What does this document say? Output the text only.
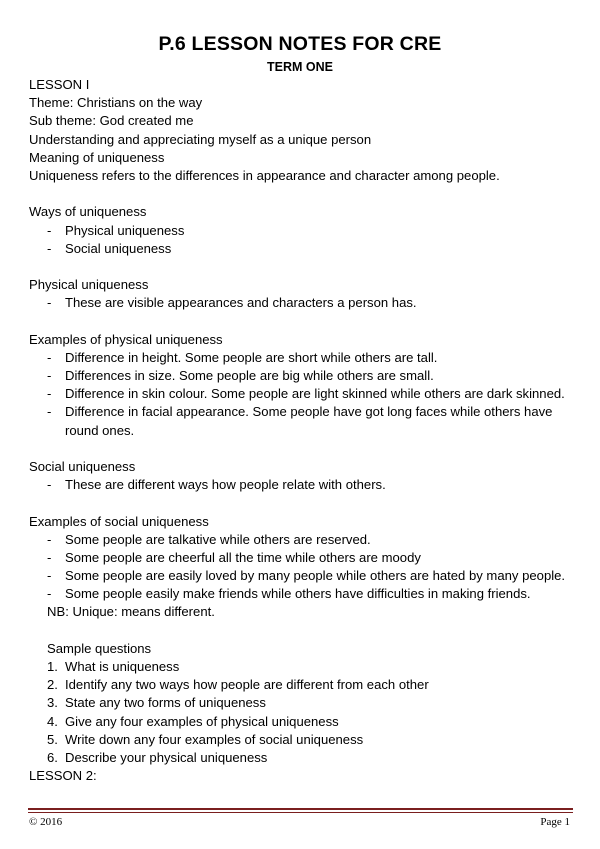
P.6 LESSON NOTES FOR CRE
TERM ONE
LESSON I
Theme: Christians on the way
Sub theme: God created me
Understanding and appreciating myself as a unique person
Meaning of uniqueness
Uniqueness refers to the differences in appearance and character among people.
Ways of uniqueness
- Physical uniqueness
- Social uniqueness
Physical uniqueness
- These are visible appearances and characters a person has.
Examples of physical uniqueness
- Difference in height. Some people are short while others are tall.
- Differences in size. Some people are big while others are small.
- Difference in skin colour. Some people are light skinned while others are dark skinned.
- Difference in facial appearance. Some people have got long faces while others have round ones.
Social uniqueness
- These are different ways how people relate with others.
Examples of social uniqueness
- Some people are talkative while others are reserved.
- Some people are cheerful all the time while others are moody
- Some people are easily loved by many people while others are hated by many people.
- Some people easily make friends while others have difficulties in making friends.
NB: Unique: means different.
Sample questions
1. What is uniqueness
2. Identify any two ways how people are different from each other
3. State any two forms of uniqueness
4. Give any four examples of physical uniqueness
5. Write down any four examples of social uniqueness
6. Describe your physical uniqueness
LESSON 2:
© 2016	Page 1
